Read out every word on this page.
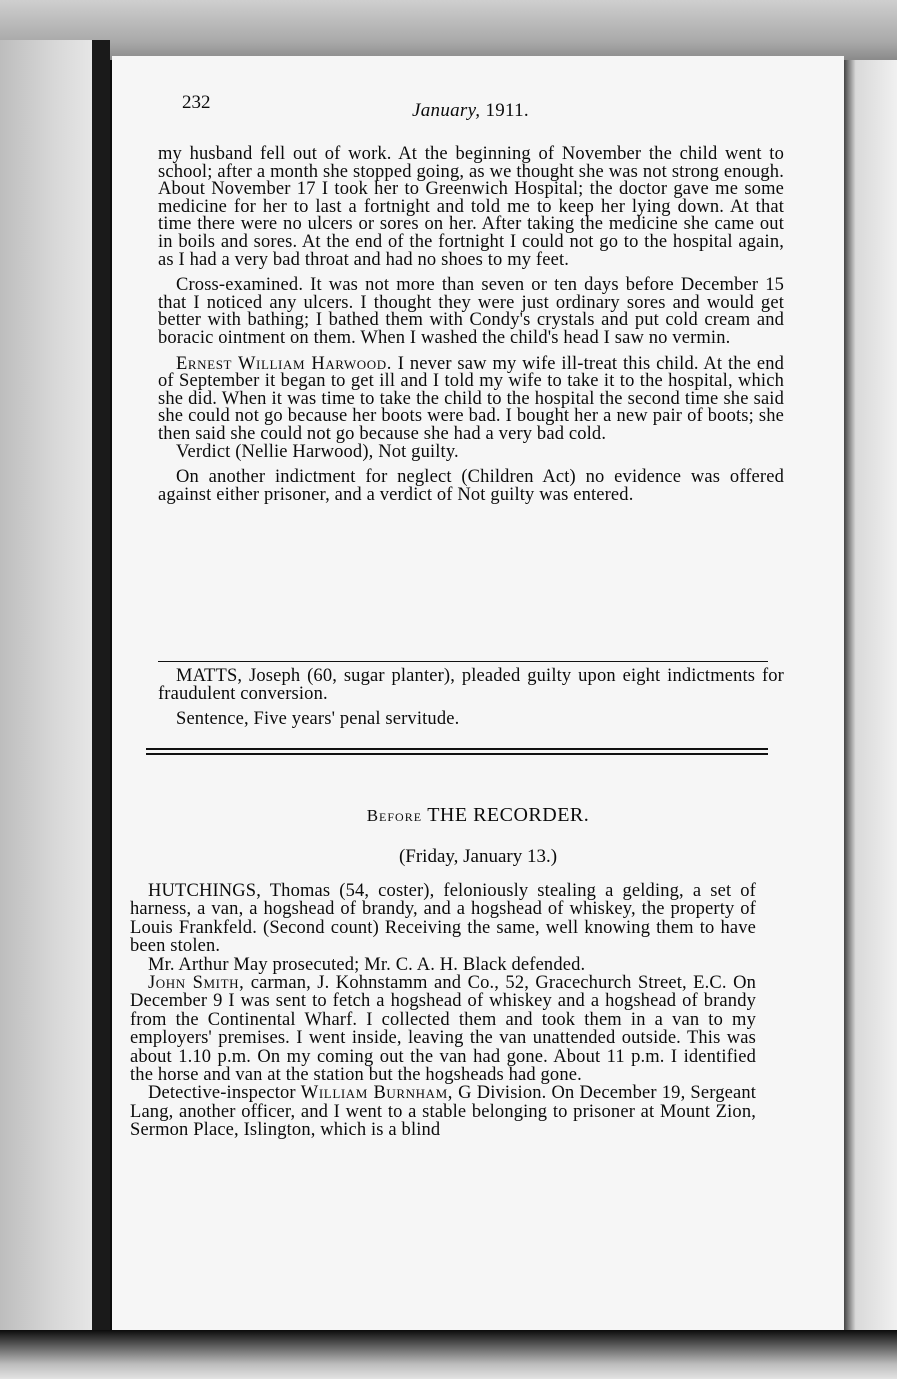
232	January, 1911.

my husband fell out of work. At the beginning of November the child went to school; after a month she stopped going, as we thought she was not strong enough. About November 17 I took her to Greenwich Hospital; the doctor gave me some medicine for her to last a fortnight and told me to keep her lying down. At that time there were no ulcers or sores on her. After taking the medicine she came out in boils and sores. At the end of the fortnight I could not go to the hospital again, as I had a very bad throat and had no shoes to my feet.

Cross-examined. It was not more than seven or ten days before December 15 that I noticed any ulcers. I thought they were just ordinary sores and would get better with bathing; I bathed them with Condy's crystals and put cold cream and boracic ointment on them. When I washed the child's head I saw no vermin.

Ernest William Harwood. I never saw my wife ill-treat this child. At the end of September it began to get ill and I told my wife to take it to the hospital, which she did. When it was time to take the child to the hospital the second time she said she could not go because her boots were bad. I bought her a new pair of boots; she then said she could not go because she had a very bad cold.

Verdict (Nellie Harwood), Not guilty.

On another indictment for neglect (Children Act) no evidence was offered against either prisoner, and a verdict of Not guilty was entered.

MATTS, Joseph (60, sugar planter), pleaded guilty upon eight indictments for fraudulent conversion.

Sentence, Five years' penal servitude.

Before THE RECORDER.
(Friday, January 13.)

HUTCHINGS, Thomas (54, coster), feloniously stealing a gelding, a set of harness, a van, a hogshead of brandy, and a hogshead of whiskey, the property of Louis Frankfeld. (Second count) Receiving the same, well knowing them to have been stolen.

Mr. Arthur May prosecuted; Mr. C. A. H. Black defended.

John Smith, carman, J. Kohnstamm and Co., 52, Gracechurch Street, E.C. On December 9 I was sent to fetch a hogshead of whiskey and a hogshead of brandy from the Continental Wharf. I collected them and took them in a van to my employers' premises. I went inside, leaving the van unattended outside. This was about 1.10 p.m. On my coming out the van had gone. About 11 p.m. I identified the horse and van at the station but the hogsheads had gone.

Detective-inspector William Burnham, G Division. On December 19, Sergeant Lang, another officer, and I went to a stable belonging to prisoner at Mount Zion, Sermon Place, Islington, which is a blind
